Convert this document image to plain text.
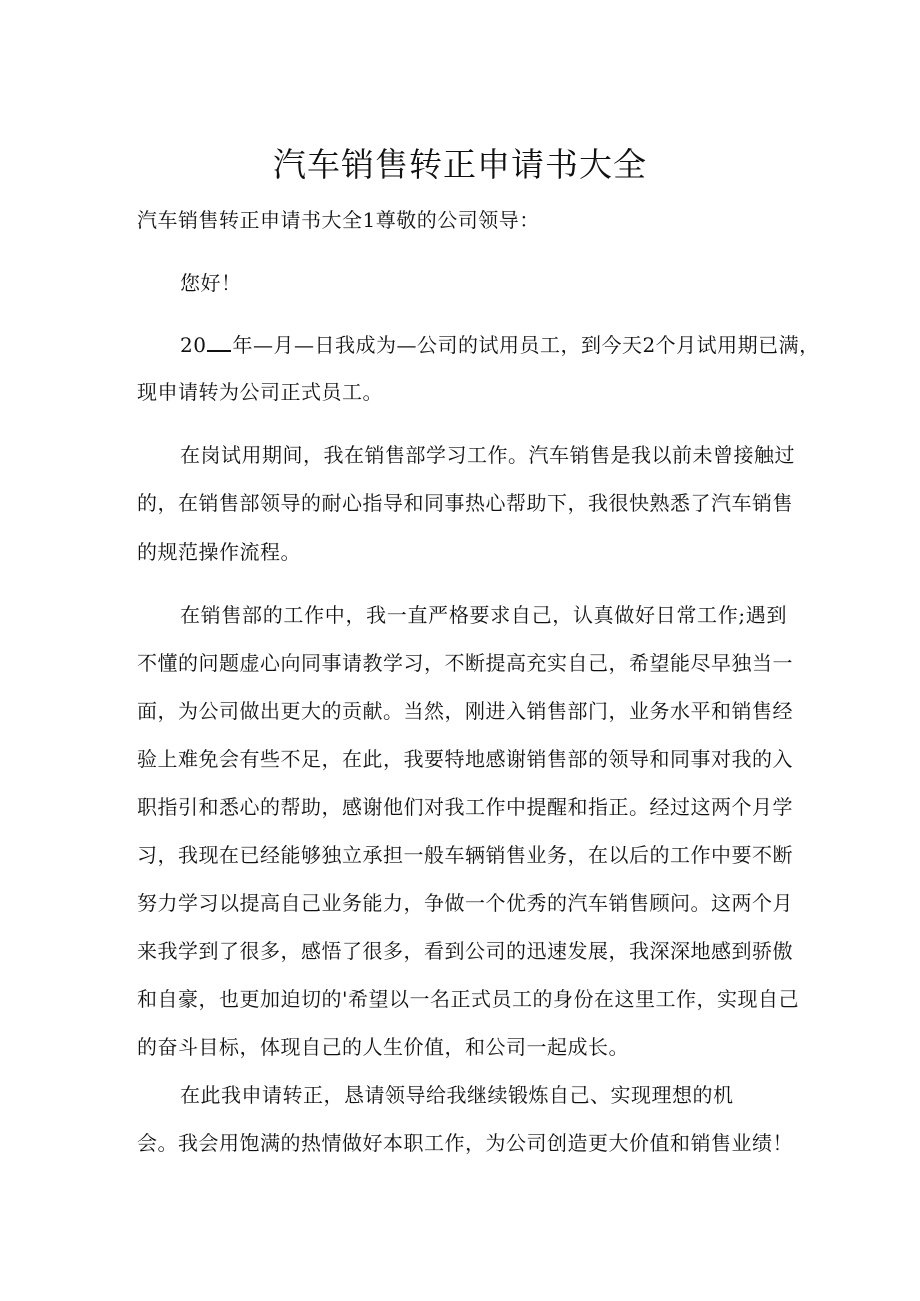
汽车销售转正申请书大全
汽车销售转正申请书大全1尊敬的公司领导：
您好！
20 年—月—日我成为—公司的试用员工，到今天2个月试用期已满，
现申请转为公司正式员工。
在岗试用期间，我在销售部学习工作。汽车销售是我以前未曾接触过
的，在销售部领导的耐心指导和同事热心帮助下，我很快熟悉了汽车销售
的规范操作流程。
在销售部的工作中，我一直严格要求自己，认真做好日常工作;遇到
不懂的问题虚心向同事请教学习，不断提高充实自己，希望能尽早独当一
面，为公司做出更大的贡献。当然，刚进入销售部门，业务水平和销售经
验上难免会有些不足，在此，我要特地感谢销售部的领导和同事对我的入
职指引和悉心的帮助，感谢他们对我工作中提醒和指正。经过这两个月学
习，我现在已经能够独立承担一般车辆销售业务，在以后的工作中要不断
努力学习以提高自己业务能力，争做一个优秀的汽车销售顾问。这两个月
来我学到了很多，感悟了很多，看到公司的迅速发展，我深深地感到骄傲
和自豪，也更加迫切的'希望以一名正式员工的身份在这里工作，实现自己
的奋斗目标，体现自己的人生价值，和公司一起成长。
在此我申请转正，恳请领导给我继续锻炼自己、实现理想的机
会。我会用饱满的热情做好本职工作，为公司创造更大价值和销售业绩！
